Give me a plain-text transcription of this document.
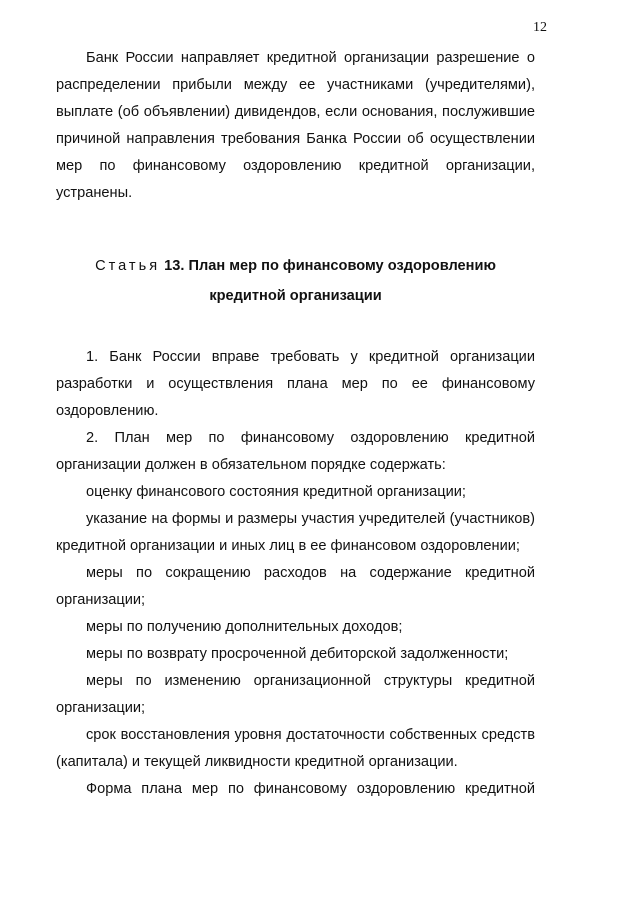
12

Банк России направляет кредитной организации разрешение о распределении прибыли между ее участниками (учредителями), выплате (об объявлении) дивидендов, если основания, послужившие причиной направления требования Банка России об осуществлении мер по финансовому оздоровлению кредитной организации, устранены.

Статья 13. План мер по финансовому оздоровлению
кредитной организации

1. Банк России вправе требовать у кредитной организации разработки и осуществления плана мер по ее финансовому оздоровлению.

2. План мер по финансовому оздоровлению кредитной организации должен в обязательном порядке содержать:

оценку финансового состояния кредитной организации;

указание на формы и размеры участия учредителей (участников) кредитной организации и иных лиц в ее финансовом оздоровлении;

меры по сокращению расходов на содержание кредитной организации;

меры по получению дополнительных доходов;

меры по возврату просроченной дебиторской задолженности;

меры по изменению организационной структуры кредитной организации;

срок восстановления уровня достаточности собственных средств (капитала) и текущей ликвидности кредитной организации.

Форма плана мер по финансовому оздоровлению кредитной
